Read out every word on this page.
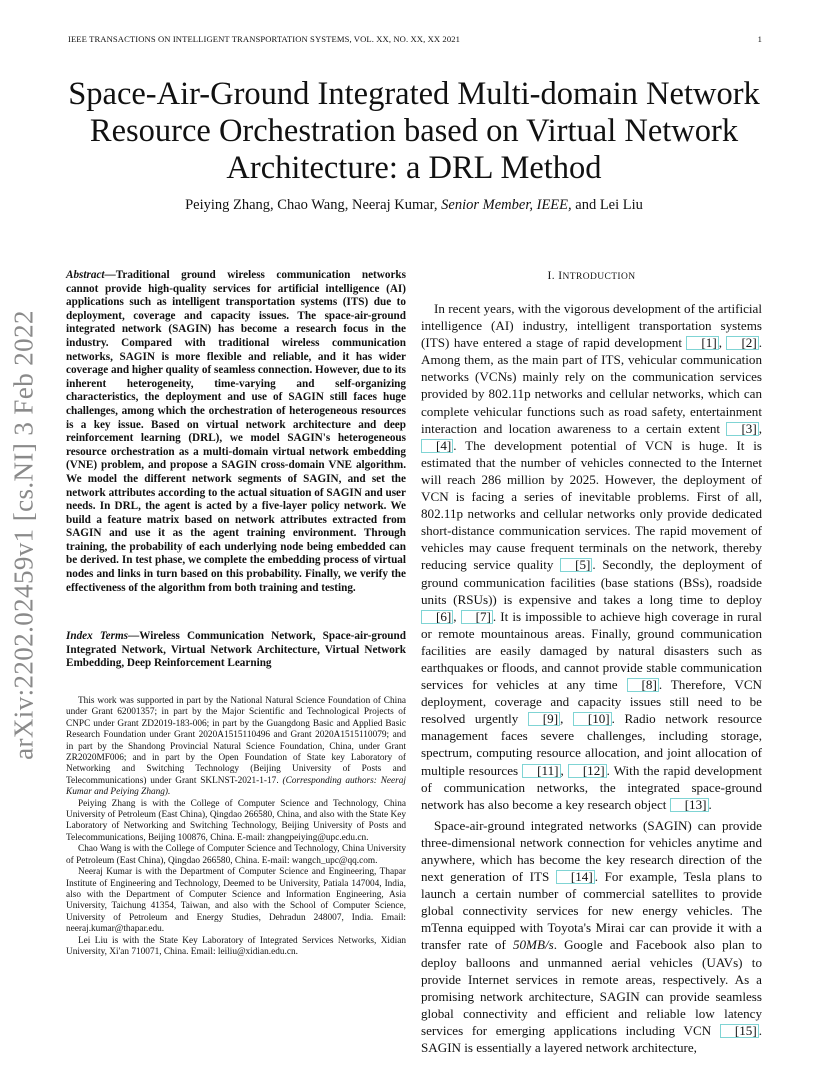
IEEE TRANSACTIONS ON INTELLIGENT TRANSPORTATION SYSTEMS, VOL. XX, NO. XX, XX 2021	1
Space-Air-Ground Integrated Multi-domain Network Resource Orchestration based on Virtual Network Architecture: a DRL Method
Peiying Zhang, Chao Wang, Neeraj Kumar, Senior Member, IEEE, and Lei Liu
arXiv:2202.02459v1 [cs.NI] 3 Feb 2022
Abstract—Traditional ground wireless communication networks cannot provide high-quality services for artificial intelligence (AI) applications such as intelligent transportation systems (ITS) due to deployment, coverage and capacity issues. The space-air-ground integrated network (SAGIN) has become a research focus in the industry. Compared with traditional wireless communication networks, SAGIN is more flexible and reliable, and it has wider coverage and higher quality of seamless connection. However, due to its inherent heterogeneity, time-varying and self-organizing characteristics, the deployment and use of SAGIN still faces huge challenges, among which the orchestration of heterogeneous resources is a key issue. Based on virtual network architecture and deep reinforcement learning (DRL), we model SAGIN's heterogeneous resource orchestration as a multi-domain virtual network embedding (VNE) problem, and propose a SAGIN cross-domain VNE algorithm. We model the different network segments of SAGIN, and set the network attributes according to the actual situation of SAGIN and user needs. In DRL, the agent is acted by a five-layer policy network. We build a feature matrix based on network attributes extracted from SAGIN and use it as the agent training environment. Through training, the probability of each underlying node being embedded can be derived. In test phase, we complete the embedding process of virtual nodes and links in turn based on this probability. Finally, we verify the effectiveness of the algorithm from both training and testing.
Index Terms—Wireless Communication Network, Space-air-ground Integrated Network, Virtual Network Architecture, Virtual Network Embedding, Deep Reinforcement Learning

This work was supported in part by the National Natural Science Foundation of China under Grant 62001357; in part by the Major Scientific and Technological Projects of CNPC under Grant ZD2019-183-006; in part by the Guangdong Basic and Applied Basic Research Foundation under Grant 2020A1515110496 and Grant 2020A1515110079; and in part by the Shandong Provincial Natural Science Foundation, China, under Grant ZR2020MF006; and in part by the Open Foundation of State key Laboratory of Networking and Switching Technology (Beijing University of Posts and Telecommunications) under Grant SKLNST-2021-1-17. (Corresponding authors: Neeraj Kumar and Peiying Zhang).

Peiying Zhang is with the College of Computer Science and Technology, China University of Petroleum (East China), Qingdao 266580, China, and also with the State Key Laboratory of Networking and Switching Technology, Beijing University of Posts and Telecommunications, Beijing 100876, China. E-mail: zhangpeiying@upc.edu.cn.

Chao Wang is with the College of Computer Science and Technology, China University of Petroleum (East China), Qingdao 266580, China. E-mail: wangch_upc@qq.com.

Neeraj Kumar is with the Department of Computer Science and Engineering, Thapar Institute of Engineering and Technology, Deemed to be University, Patiala 147004, India, also with the Department of Computer Science and Information Engineering, Asia University, Taichung 41354, Taiwan, and also with the School of Computer Science, University of Petroleum and Energy Studies, Dehradun 248007, India. Email: neeraj.kumar@thapar.edu.

Lei Liu is with the State Key Laboratory of Integrated Services Networks, Xidian University, Xi'an 710071, China. Email: leiliu@xidian.edu.cn.

I. INTRODUCTION

In recent years, with the vigorous development of the artificial intelligence (AI) industry, intelligent transportation systems (ITS) have entered a stage of rapid development [1] , [2] . Among them, as the main part of ITS, vehicular communication networks (VCNs) mainly rely on the communication services provided by 802.11p networks and cellular networks, which can complete vehicular functions such as road safety, entertainment interaction and location awareness to a certain extent [3] , [4] . The development potential of VCN is huge. It is estimated that the number of vehicles connected to the Internet will reach 286 million by 2025. However, the deployment of VCN is facing a series of inevitable problems. First of all, 802.11p networks and cellular networks only provide dedicated short-distance communication services. The rapid movement of vehicles may cause frequent terminals on the network, thereby reducing service quality [5] . Secondly, the deployment of ground communication facilities (base stations (BSs), roadside units (RSUs)) is expensive and takes a long time to deploy [6] , [7] . It is impossible to achieve high coverage in rural or remote mountainous areas. Finally, ground communication facilities are easily damaged by natural disasters such as earthquakes or floods, and cannot provide stable communication services for vehicles at any time [8] . Therefore, VCN deployment, coverage and capacity issues still need to be resolved urgently [9] , [10] . Radio network resource management faces severe challenges, including storage, spectrum, computing resource allocation, and joint allocation of multiple resources [11] , [12] . With the rapid development of communication networks, the integrated space-ground network has also become a key research object [13] .

Space-air-ground integrated networks (SAGIN) can provide three-dimensional network connection for vehicles anytime and anywhere, which has become the key research direction of the next generation of ITS [14] . For example, Tesla plans to launch a certain number of commercial satellites to provide global connectivity services for new energy vehicles. The mTenna equipped with Toyota's Mirai car can provide it with a transfer rate of 50MB/s. Google and Facebook also plan to deploy balloons and unmanned aerial vehicles (UAVs) to provide Internet services in remote areas, respectively. As a promising network architecture, SAGIN can provide seamless global connectivity and efficient and reliable low latency services for emerging applications including VCN [15] . SAGIN is essentially a layered network architecture,
